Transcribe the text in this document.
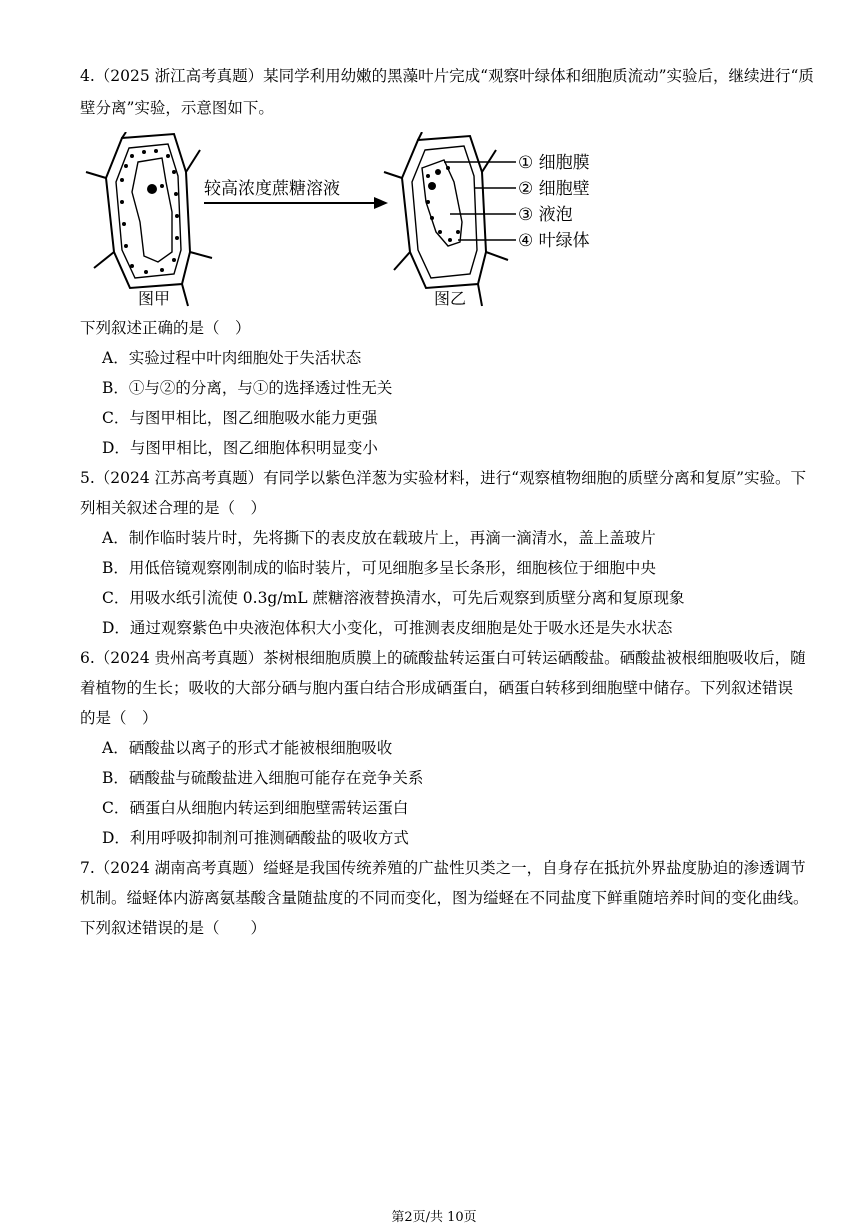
4.（2025 浙江高考真题）某同学利用幼嫩的黑藻叶片完成“观察叶绿体和细胞质流动”实验后，继续进行“质
壁分离”实验，示意图如下。
较高浓度蔗糖溶液
① 细胞膜
② 细胞壁
③ 液泡
④ 叶绿体
图甲	图乙
下列叙述正确的是（　）
A．实验过程中叶肉细胞处于失活状态
B．①与②的分离，与①的选择透过性无关
C．与图甲相比，图乙细胞吸水能力更强
D．与图甲相比，图乙细胞体积明显变小
5.（2024 江苏高考真题）有同学以紫色洋葱为实验材料，进行“观察植物细胞的质壁分离和复原”实验。下
列相关叙述合理的是（　）
A．制作临时装片时，先将撕下的表皮放在载玻片上，再滴一滴清水，盖上盖玻片
B．用低倍镜观察刚制成的临时装片，可见细胞多呈长条形，细胞核位于细胞中央
C．用吸水纸引流使 0.3g/mL 蔗糖溶液替换清水，可先后观察到质壁分离和复原现象
D．通过观察紫色中央液泡体积大小变化，可推测表皮细胞是处于吸水还是失水状态
6.（2024 贵州高考真题）茶树根细胞质膜上的硫酸盐转运蛋白可转运硒酸盐。硒酸盐被根细胞吸收后，随
着植物的生长；吸收的大部分硒与胞内蛋白结合形成硒蛋白，硒蛋白转移到细胞壁中储存。下列叙述错误
的是（　）
A．硒酸盐以离子的形式才能被根细胞吸收
B．硒酸盐与硫酸盐进入细胞可能存在竞争关系
C．硒蛋白从细胞内转运到细胞壁需转运蛋白
D．利用呼吸抑制剂可推测硒酸盐的吸收方式
7.（2024 湖南高考真题）缢蛏是我国传统养殖的广盐性贝类之一，自身存在抵抗外界盐度胁迫的渗透调节
机制。缢蛏体内游离氨基酸含量随盐度的不同而变化，图为缢蛏在不同盐度下鲜重随培养时间的变化曲线。
下列叙述错误的是（　　）
第2页/共 10页
